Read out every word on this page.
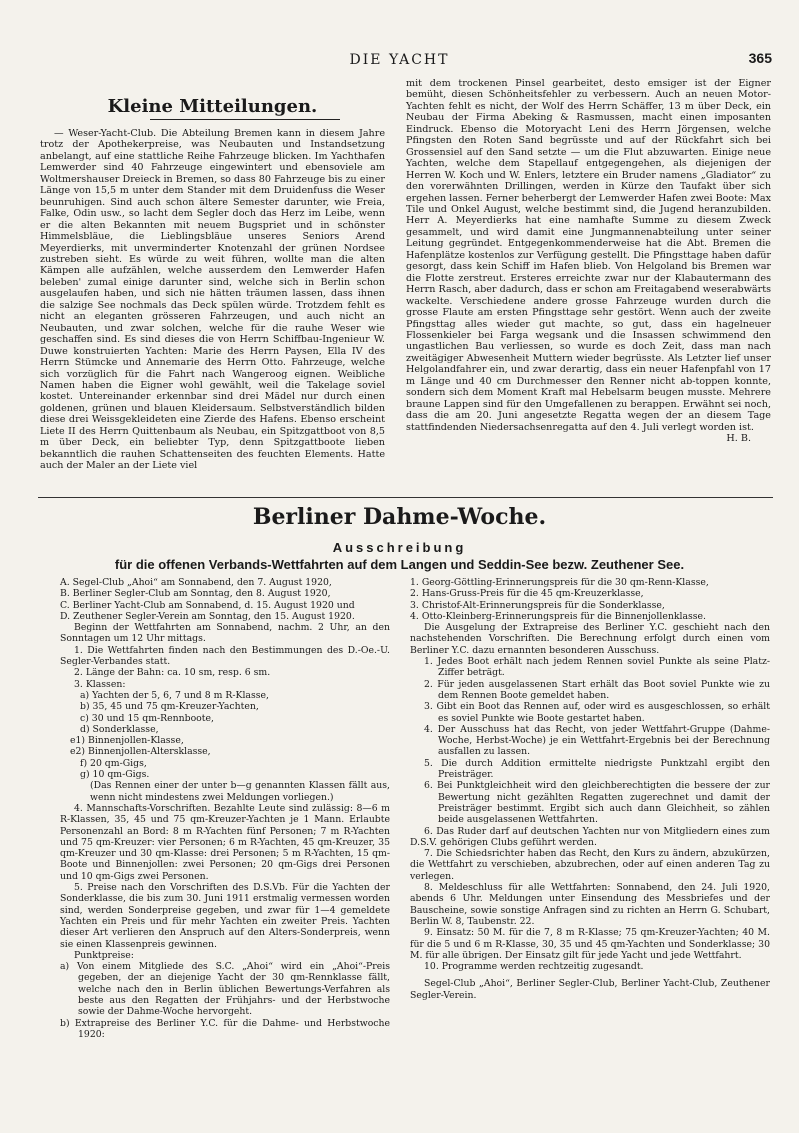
DIE YACHT	365
Kleine Mitteilungen.

— Weser-Yacht-Club. Die Abteilung Bremen kann in diesem Jahre trotz der Apothekerpreise, was Neubauten und Instandsetzung anbelangt, auf eine stattliche Reihe Fahrzeuge blicken. Im Yachthafen Lemwerder sind 40 Fahrzeuge eingewintert und ebensoviele am Woltmershauser Dreieck in Bremen, so dass 80 Fahrzeuge bis zu einer Länge von 15,5 m unter dem Stander mit dem Druidenfuss die Weser beunruhigen. Sind auch schon ältere Semester darunter, wie Freia, Falke, Odin usw., so lacht dem Segler doch das Herz im Leibe, wenn er die alten Bekannten mit neuem Bugspriet und in schönster Himmelsbläue, die Lieblingsbläue unseres Seniors Arend Meyerdierks, mit unverminderter Knotenzahl der grünen Nordsee zustreben sieht. Es würde zu weit führen, wollte man die alten Kämpen alle aufzählen, welche ausserdem den Lemwerder Hafen beleben' zumal einige darunter sind, welche sich in Berlin schon ausgelaufen haben, und sich nie hätten träumen lassen, dass ihnen die salzige See nochmals das Deck spülen würde. Trotzdem fehlt es nicht an eleganten grösseren Fahrzeugen, und auch nicht an Neubauten, und zwar solchen, welche für die rauhe Weser wie geschaffen sind. Es sind dieses die von Herrn Schiffbau-Ingenieur W. Duwe konstruierten Yachten: Marie des Herrn Paysen, Ella IV des Herrn Stümcke und Annemarie des Herrn Otto. Fahrzeuge, welche sich vorzüglich für die Fahrt nach Wangeroog eignen. Weibliche Namen haben die Eigner wohl gewählt, weil die Takelage soviel kostet. Untereinander erkennbar sind drei Mädel nur durch einen goldenen, grünen und blauen Kleidersaum. Selbstverständlich bilden diese drei Weissgekleideten eine Zierde des Hafens. Ebenso erscheint Liete II des Herrn Quittenbaum als Neubau, ein Spitzgattboot von 8,5 m über Deck, ein beliebter Typ, denn Spitzgattboote lieben bekanntlich die rauhen Schattenseiten des feuchten Elements. Hatte auch der Maler an der Liete viel

mit dem trockenen Pinsel gearbeitet, desto emsiger ist der Eigner bemüht, diesen Schönheitsfehler zu verbessern. Auch an neuen Motor-Yachten fehlt es nicht, der Wolf des Herrn Schäffer, 13 m über Deck, ein Neubau der Firma Abeking & Rasmussen, macht einen imposanten Eindruck. Ebenso die Motoryacht Leni des Herrn Jörgensen, welche Pfingsten den Roten Sand begrüsste und auf der Rückfahrt sich bei Grossensiel auf den Sand setzte — um die Flut abzuwarten. Einige neue Yachten, welche dem Stapellauf entgegengehen, als diejenigen der Herren W. Koch und W. Enlers, letztere ein Bruder namens „Gladiator“ zu den vorerwähnten Drillingen, werden in Kürze den Taufakt über sich ergehen lassen. Ferner beherbergt der Lemwerder Hafen zwei Boote: Max Tile und Onkel August, welche bestimmt sind, die Jugend heranzubilden. Herr A. Meyerdierks hat eine namhafte Summe zu diesem Zweck gesammelt, und wird damit eine Jungmannenabteilung unter seiner Leitung gegründet. Entgegenkommenderweise hat die Abt. Bremen die Hafenplätze kostenlos zur Verfügung gestellt. Die Pfingsttage haben dafür gesorgt, dass kein Schiff im Hafen blieb. Von Helgoland bis Bremen war die Flotte zerstreut. Ersteres erreichte zwar nur der Klabautermann des Herrn Rasch, aber dadurch, dass er schon am Freitagabend weserabwärts wackelte. Verschiedene andere grosse Fahrzeuge wurden durch die grosse Flaute am ersten Pfingsttage sehr gestört. Wenn auch der zweite Pfingsttag alles wieder gut machte, so gut, dass ein hagelneuer Flossenkieler bei Farga wegsank und die Insassen schwimmend den ungastlichen Bau verliessen, so wurde es doch Zeit, dass man nach zweitägiger Abwesenheit Muttern wieder begrüsste. Als Letzter lief unser Helgolandfahrer ein, und zwar derartig, dass ein neuer Hafenpfahl von 17 m Länge und 40 cm Durchmesser den Renner nicht ab-toppen konnte, sondern sich dem Moment Kraft mal Hebelsarm beugen musste. Mehrere braune Lappen sind für den Umgefallenen zu berappen. Erwähnt sei noch, dass die am 20. Juni angesetzte Regatta wegen der an diesem Tage stattfindenden Niedersachsenregatta auf den 4. Juli verlegt worden ist.

H. B.

Berliner Dahme-Woche.
Ausschreibung
für die offenen Verbands-Wettfahrten auf dem Langen und Seddin-See bezw. Zeuthener See.

A. Segel-Club „Ahoi“ am Sonnabend, den 7. August 1920,

B. Berliner Segler-Club am Sonntag, den 8. August 1920,

C. Berliner Yacht-Club am Sonnabend, d. 15. August 1920 und

D. Zeuthener Segler-Verein am Sonntag, den 15. August 1920.

Beginn der Wettfahrten am Sonnabend, nachm. 2 Uhr, an den Sonntagen um 12 Uhr mittags.

1. Die Wettfahrten finden nach den Bestimmungen des D.-Oe.-U. Segler-Verbandes statt.

2. Länge der Bahn: ca. 10 sm, resp. 6 sm.

3. Klassen:

a) Yachten der 5, 6, 7 und 8 m R-Klasse,

b) 35, 45 und 75 qm-Kreuzer-Yachten,

c) 30 und 15 qm-Rennboote,

d) Sonderklasse,

e1) Binnenjollen-Klasse,

e2) Binnenjollen-Altersklasse,

f) 20 qm-Gigs,

g) 10 qm-Gigs.

(Das Rennen einer der unter b—g genannten Klassen fällt aus, wenn nicht mindestens zwei Meldungen vorliegen.)

4. Mannschafts-Vorschriften. Bezahlte Leute sind zulässig: 8—6 m R-Klassen, 35, 45 und 75 qm-Kreuzer-Yachten je 1 Mann. Erlaubte Personenzahl an Bord: 8 m R-Yachten fünf Personen; 7 m R-Yachten und 75 qm-Kreuzer: vier Personen; 6 m R-Yachten, 45 qm-Kreuzer, 35 qm-Kreuzer und 30 qm-Klasse: drei Personen; 5 m R-Yachten, 15 qm-Boote und Binnenjollen: zwei Personen; 20 qm-Gigs drei Personen und 10 qm-Gigs zwei Personen.

5. Preise nach den Vorschriften des D.S.Vb. Für die Yachten der Sonderklasse, die bis zum 30. Juni 1911 erstmalig vermessen worden sind, werden Sonderpreise gegeben, und zwar für 1—4 gemeldete Yachten ein Preis und für mehr Yachten ein zweiter Preis. Yachten dieser Art verlieren den Anspruch auf den Alters-Sonderpreis, wenn sie einen Klassenpreis gewinnen.

Punktpreise:

a) Von einem Mitgliede des S.C. „Ahoi“ wird ein „Ahoi“-Preis gegeben, der an diejenige Yacht der 30 qm-Rennklasse fällt, welche nach den in Berlin üblichen Bewertungs-Verfahren als beste aus den Regatten der Frühjahrs- und der Herbstwoche sowie der Dahme-Woche hervorgeht.

b) Extrapreise des Berliner Y.C. für die Dahme- und Herbstwoche 1920:

1. Georg-Göttling-Erinnerungspreis für die 30 qm-Renn-Klasse,

2. Hans-Gruss-Preis für die 45 qm-Kreuzerklasse,

3. Christof-Alt-Erinnerungspreis für die Sonderklasse,

4. Otto-Kleinberg-Erinnerungspreis für die Binnenjollenklasse.

Die Ausgelung der Extrapreise des Berliner Y.C. geschieht nach den nachstehenden Vorschriften. Die Berechnung erfolgt durch einen vom Berliner Y.C. dazu ernannten besonderen Ausschuss.

1. Jedes Boot erhält nach jedem Rennen soviel Punkte als seine Platz-Ziffer beträgt.

2. Für jeden ausgelassenen Start erhält das Boot soviel Punkte wie zu dem Rennen Boote gemeldet haben.

3. Gibt ein Boot das Rennen auf, oder wird es ausgeschlossen, so erhält es soviel Punkte wie Boote gestartet haben.

4. Der Ausschuss hat das Recht, von jeder Wettfahrt-Gruppe (Dahme-Woche, Herbst-Woche) je ein Wettfahrt-Ergebnis bei der Berechnung ausfallen zu lassen.

5. Die durch Addition ermittelte niedrigste Punktzahl ergibt den Preisträger.

6. Bei Punktgleichheit wird den gleichberechtigten die bessere der zur Bewertung nicht gezählten Regatten zugerechnet und damit der Preisträger bestimmt. Ergibt sich auch dann Gleichheit, so zählen beide ausgelassenen Wettfahrten.

6. Das Ruder darf auf deutschen Yachten nur von Mitgliedern eines zum D.S.V. gehörigen Clubs geführt werden.

7. Die Schiedsrichter haben das Recht, den Kurs zu ändern, abzukürzen, die Wettfahrt zu verschieben, abzubrechen, oder auf einen anderen Tag zu verlegen.

8. Meldeschluss für alle Wettfahrten: Sonnabend, den 24. Juli 1920, abends 6 Uhr. Meldungen unter Einsendung des Messbriefes und der Bauscheine, sowie sonstige Anfragen sind zu richten an Herrn G. Schubart, Berlin W. 8, Taubenstr. 22.

9. Einsatz: 50 M. für die 7, 8 m R-Klasse; 75 qm-Kreuzer-Yachten; 40 M. für die 5 und 6 m R-Klasse, 30, 35 und 45 qm-Yachten und Sonderklasse; 30 M. für alle übrigen. Der Einsatz gilt für jede Yacht und jede Wettfahrt.

10. Programme werden rechtzeitig zugesandt.

Segel-Club „Ahoi“, Berliner Segler-Club, Berliner Yacht-Club, Zeuthener Segler-Verein.
